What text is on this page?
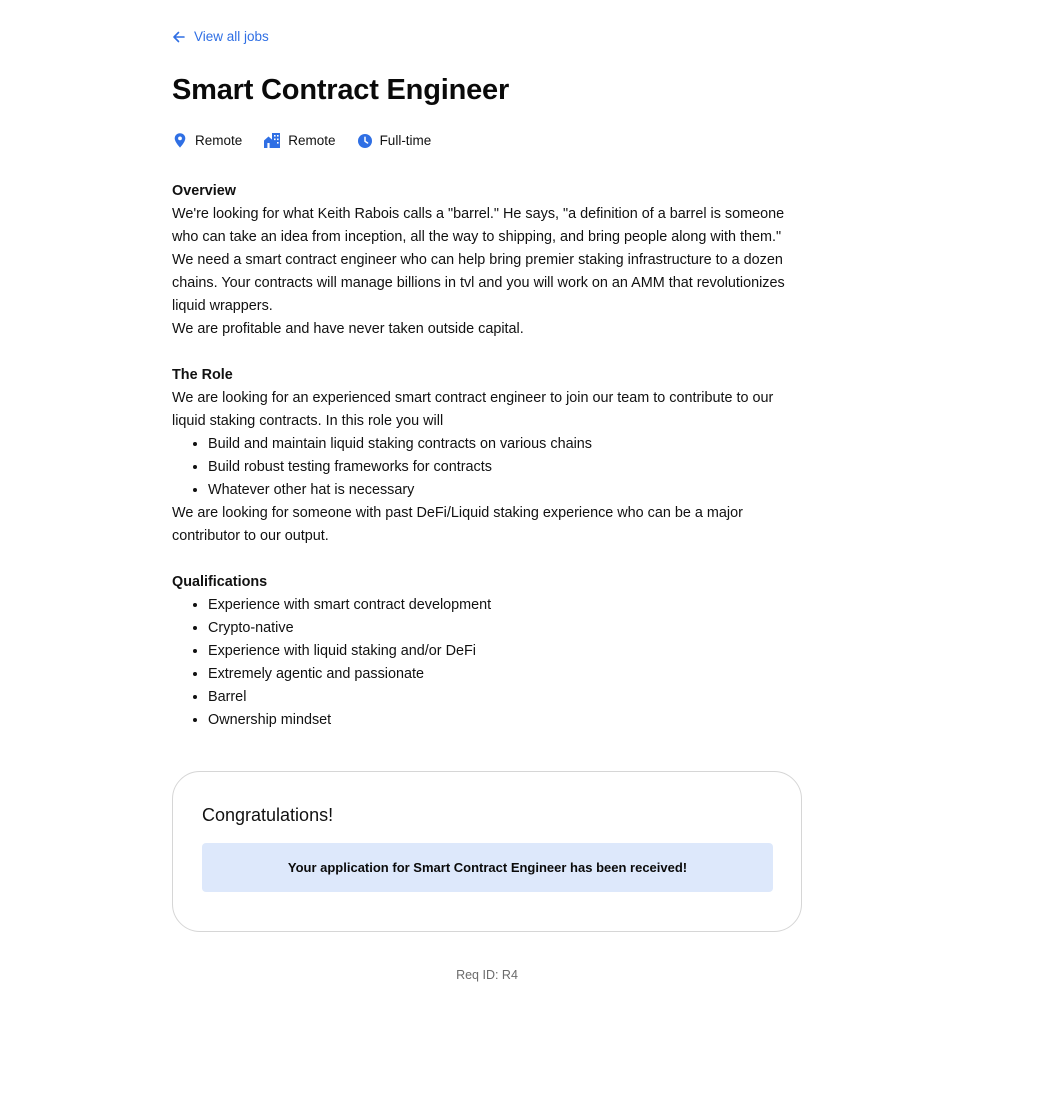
View all jobs
Smart Contract Engineer
Remote	Remote	Full-time

Overview

We're looking for what Keith Rabois calls a "barrel." He says, "a definition of a barrel is someone who can take an idea from inception, all the way to shipping, and bring people along with them." We need a smart contract engineer who can help bring premier staking infrastructure to a dozen chains. Your contracts will manage billions in tvl and you will work on an AMM that revolutionizes liquid wrappers.

We are profitable and have never taken outside capital.

The Role

We are looking for an experienced smart contract engineer to join our team to contribute to our liquid staking contracts. In this role you will

• Build and maintain liquid staking contracts on various chains
• Build robust testing frameworks for contracts
• Whatever other hat is necessary

We are looking for someone with past DeFi/Liquid staking experience who can be a major contributor to our output.

Qualifications

• Experience with smart contract development
• Crypto-native
• Experience with liquid staking and/or DeFi
• Extremely agentic and passionate
• Barrel
• Ownership mindset
Congratulations!
Your application for Smart Contract Engineer has been received!
Req ID: R4
